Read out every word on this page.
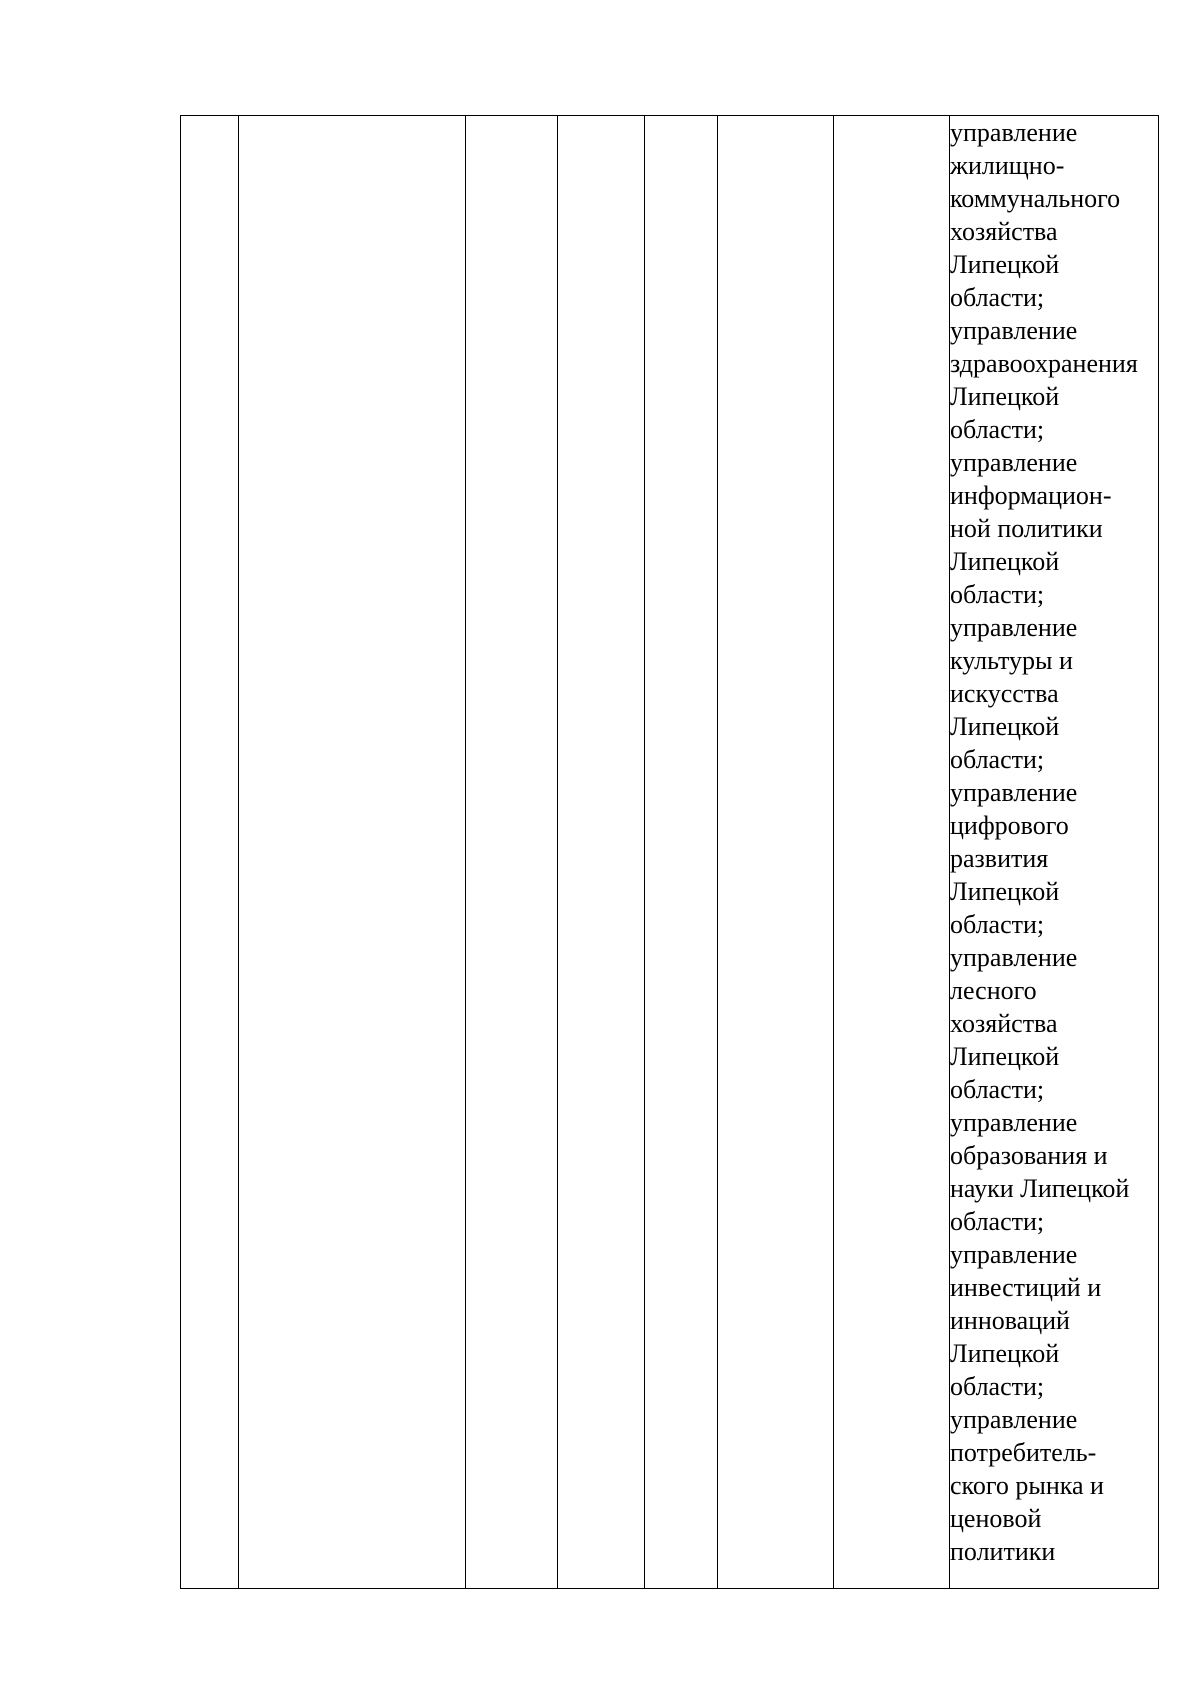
управление
жилищно-
коммунального
хозяйства
Липецкой
области;
управление
здравоохранения
Липецкой
области;
управление
информацион-
ной политики
Липецкой
области;
управление
культуры и
искусства
Липецкой
области;
управление
цифрового
развития
Липецкой
области;
управление
лесного
хозяйства
Липецкой
области;
управление
образования и
науки Липецкой
области;
управление
инвестиций и
инноваций
Липецкой
области;
управление
потребитель-
ского рынка и
ценовой
политики
